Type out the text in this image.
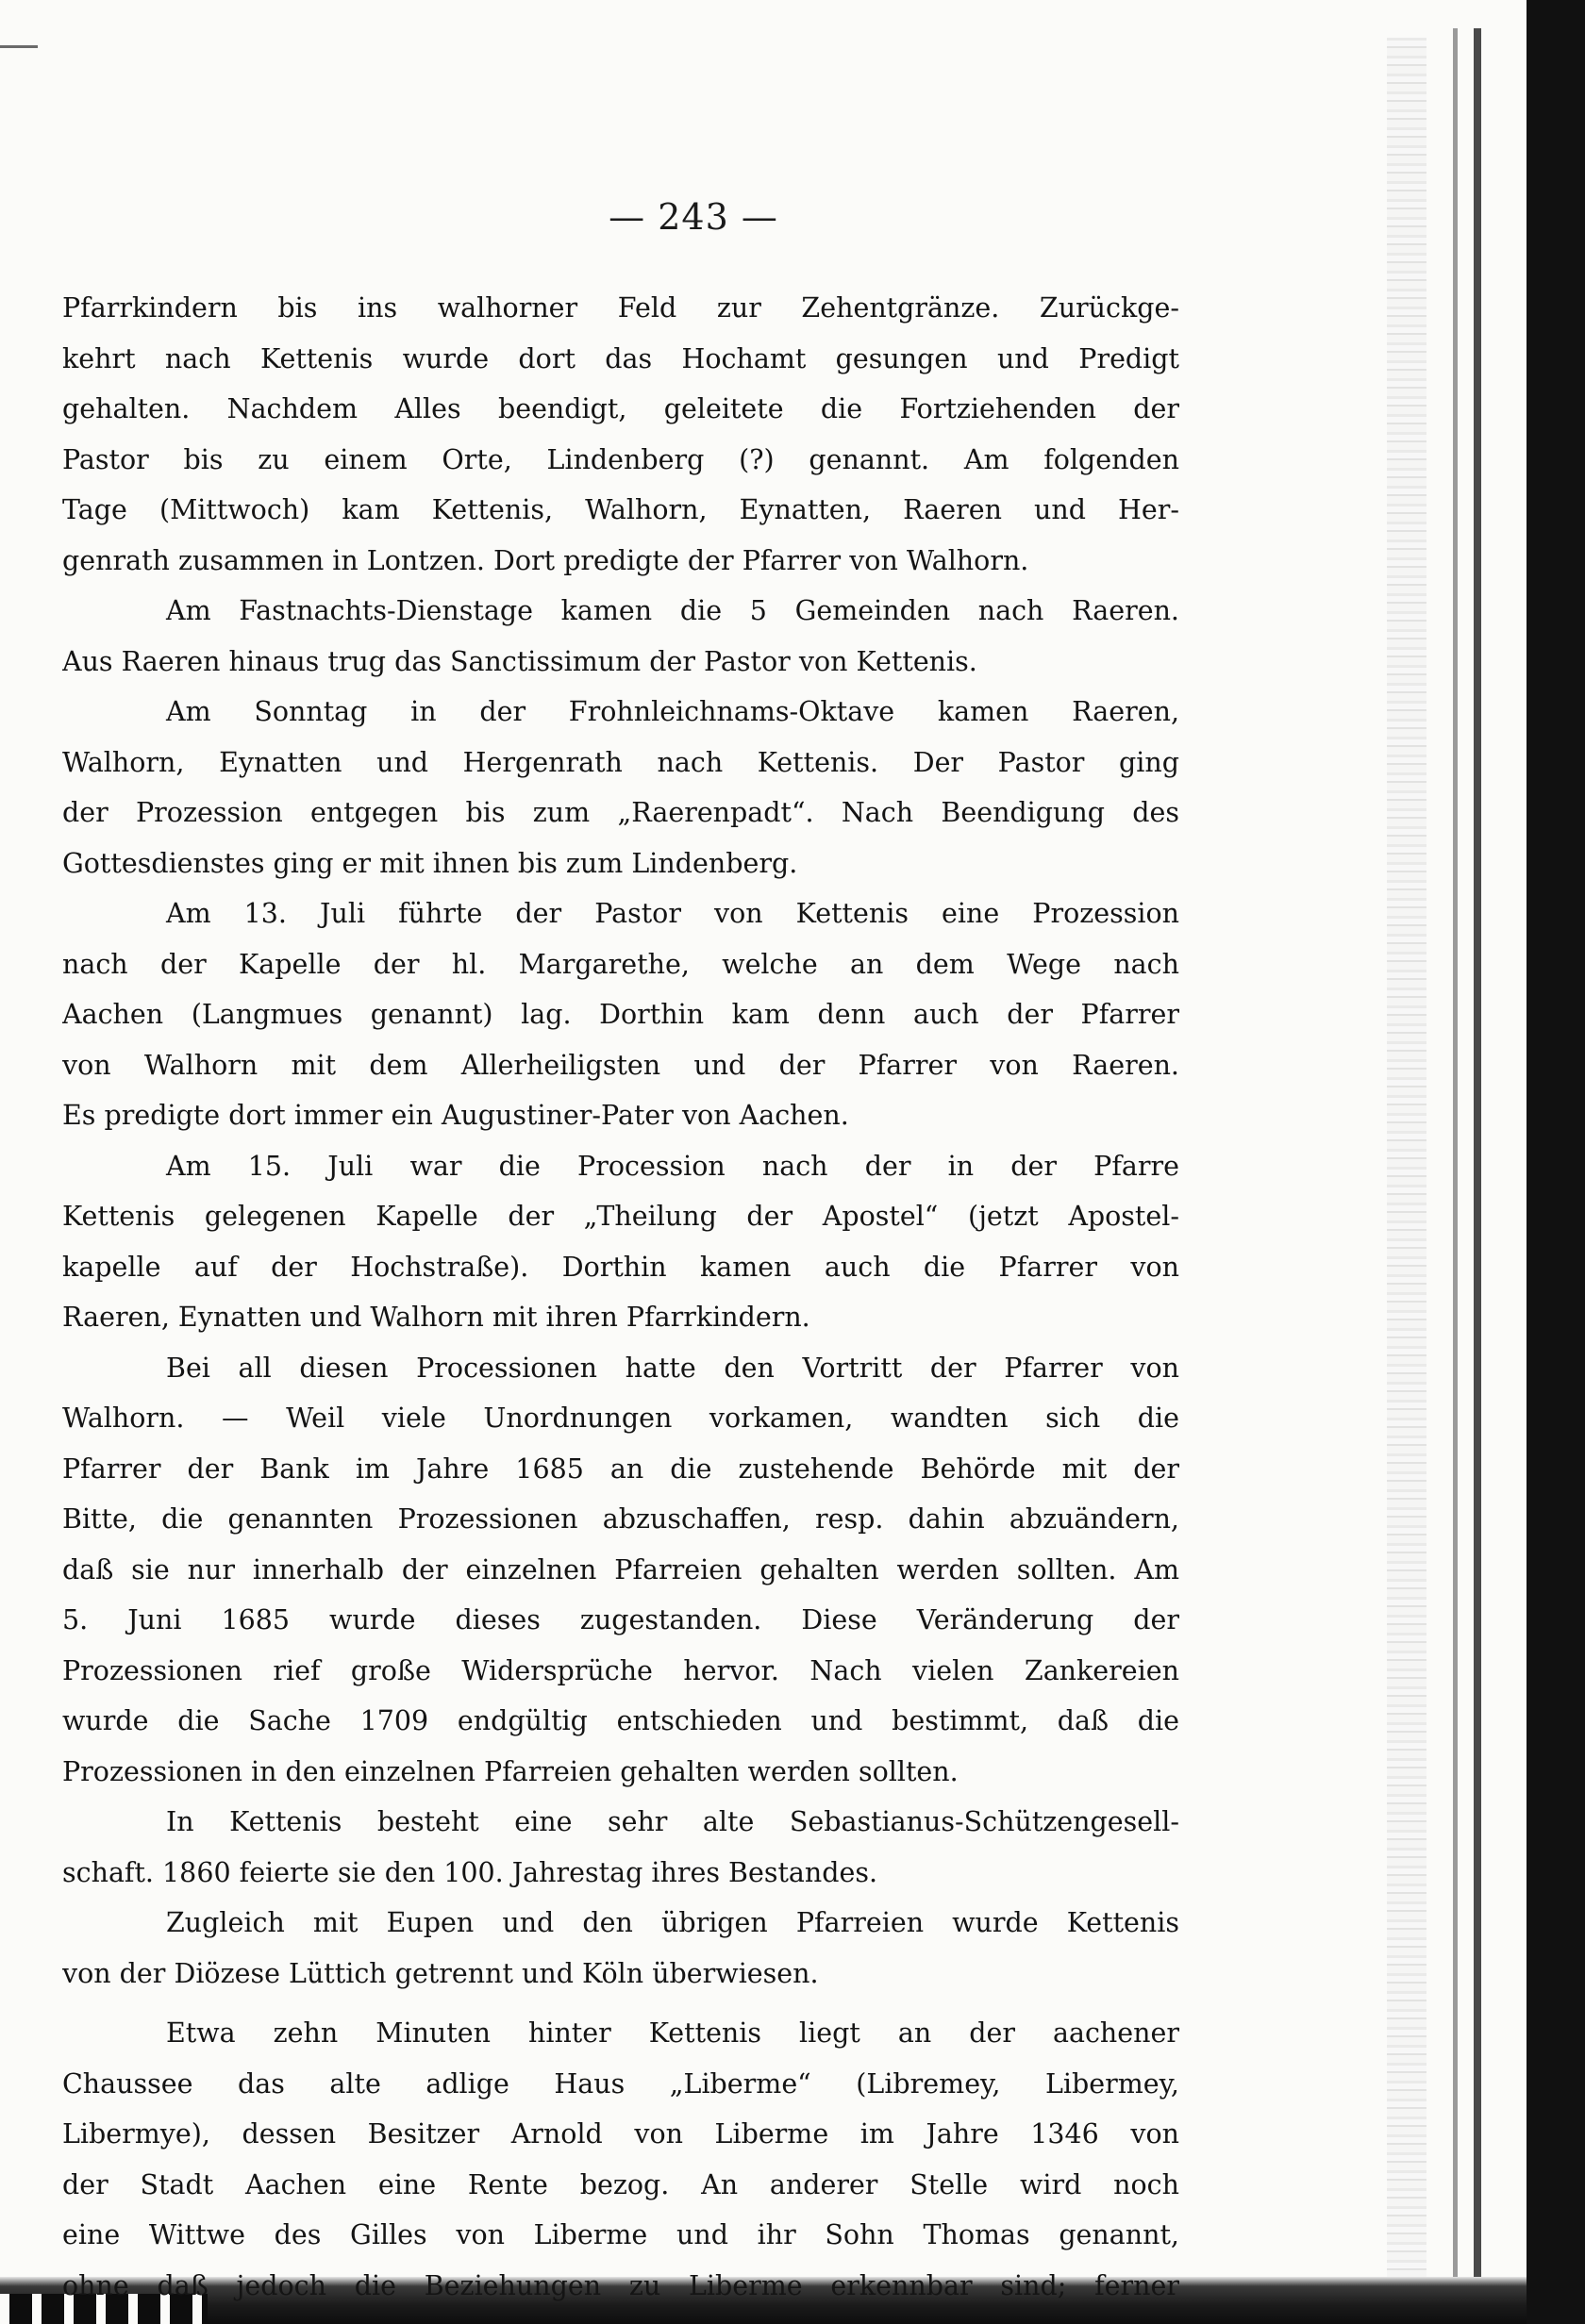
— 243 —
Pfarrkindern bis ins walhorner Feld zur Zehentgränze. Zurückge-
kehrt nach Kettenis wurde dort das Hochamt gesungen und Predigt
gehalten. Nachdem Alles beendigt, geleitete die Fortziehenden der
Pastor bis zu einem Orte, Lindenberg (?) genannt. Am folgenden
Tage (Mittwoch) kam Kettenis, Walhorn, Eynatten, Raeren und Her-
genrath zusammen in Lontzen. Dort predigte der Pfarrer von Walhorn.
Am Fastnachts-Dienstage kamen die 5 Gemeinden nach Raeren.
Aus Raeren hinaus trug das Sanctissimum der Pastor von Kettenis.
Am Sonntag in der Frohnleichnams-Oktave kamen Raeren,
Walhorn, Eynatten und Hergenrath nach Kettenis. Der Pastor ging
der Prozession entgegen bis zum „Raerenpadt“. Nach Beendigung des
Gottesdienstes ging er mit ihnen bis zum Lindenberg.
Am 13. Juli führte der Pastor von Kettenis eine Prozession
nach der Kapelle der hl. Margarethe, welche an dem Wege nach
Aachen (Langmues genannt) lag. Dorthin kam denn auch der Pfarrer
von Walhorn mit dem Allerheiligsten und der Pfarrer von Raeren.
Es predigte dort immer ein Augustiner-Pater von Aachen.
Am 15. Juli war die Procession nach der in der Pfarre
Kettenis gelegenen Kapelle der „Theilung der Apostel“ (jetzt Apostel-
kapelle auf der Hochstraße). Dorthin kamen auch die Pfarrer von
Raeren, Eynatten und Walhorn mit ihren Pfarrkindern.
Bei all diesen Processionen hatte den Vortritt der Pfarrer von
Walhorn. — Weil viele Unordnungen vorkamen, wandten sich die
Pfarrer der Bank im Jahre 1685 an die zustehende Behörde mit der
Bitte, die genannten Prozessionen abzuschaffen, resp. dahin abzuändern,
daß sie nur innerhalb der einzelnen Pfarreien gehalten werden sollten. Am
5. Juni 1685 wurde dieses zugestanden. Diese Veränderung der
Prozessionen rief große Widersprüche hervor. Nach vielen Zankereien
wurde die Sache 1709 endgültig entschieden und bestimmt, daß die
Prozessionen in den einzelnen Pfarreien gehalten werden sollten.
In Kettenis besteht eine sehr alte Sebastianus-Schützengesell-
schaft. 1860 feierte sie den 100. Jahrestag ihres Bestandes.
Zugleich mit Eupen und den übrigen Pfarreien wurde Kettenis
von der Diözese Lüttich getrennt und Köln überwiesen.
Etwa zehn Minuten hinter Kettenis liegt an der aachener
Chaussee das alte adlige Haus „Liberme“ (Libremey, Libermey,
Libermye), dessen Besitzer Arnold von Liberme im Jahre 1346 von
der Stadt Aachen eine Rente bezog. An anderer Stelle wird noch
eine Wittwe des Gilles von Liberme und ihr Sohn Thomas genannt,
ohne daß jedoch die Beziehungen zu Liberme erkennbar sind; ferner
